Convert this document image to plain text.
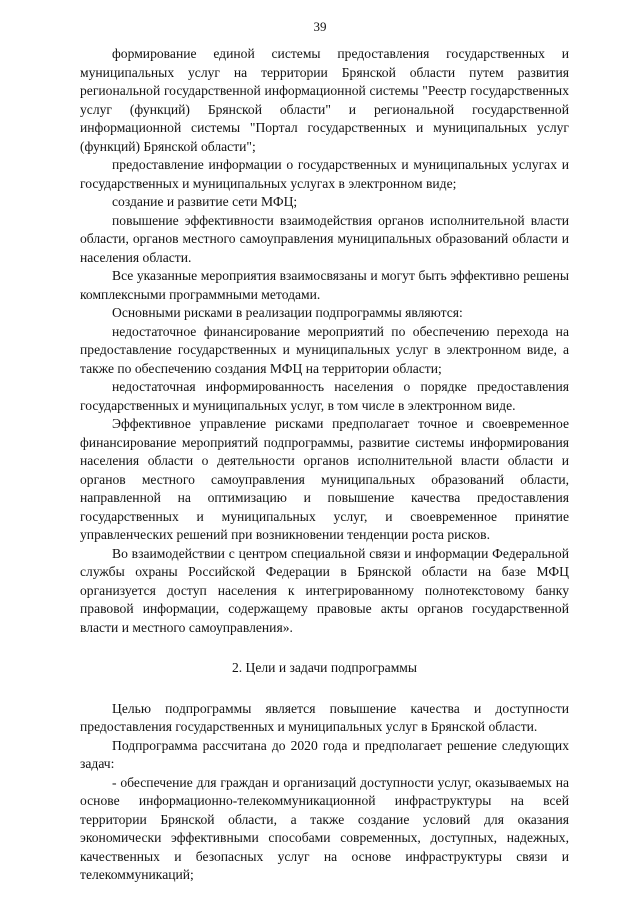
39

формирование единой системы предоставления государственных и муниципальных услуг на территории Брянской области путем развития региональной государственной информационной системы "Реестр государственных услуг (функций) Брянской области" и региональной государственной информационной системы "Портал государственных и муниципальных услуг (функций) Брянской области";

предоставление информации о государственных и муниципальных услугах и государственных и муниципальных услугах в электронном виде;

создание и развитие сети МФЦ;

повышение эффективности взаимодействия органов исполнительной власти области, органов местного самоуправления муниципальных образований области и населения области.

Все указанные мероприятия взаимосвязаны и могут быть эффективно решены комплексными программными методами.

Основными рисками в реализации подпрограммы являются:

недостаточное финансирование мероприятий по обеспечению перехода на предоставление государственных и муниципальных услуг в электронном виде, а также по обеспечению создания МФЦ на территории области;

недостаточная информированность населения о порядке предоставления государственных и муниципальных услуг, в том числе в электронном виде.

Эффективное управление рисками предполагает точное и своевременное финансирование мероприятий подпрограммы, развитие системы информирования населения области о деятельности органов исполнительной власти области и органов местного самоуправления муниципальных образований области, направленной на оптимизацию и повышение качества предоставления государственных и муниципальных услуг, и своевременное принятие управленческих решений при возникновении тенденции роста рисков.

Во взаимодействии с центром специальной связи и информации Федеральной службы охраны Российской Федерации в Брянской области на базе МФЦ организуется доступ населения к интегрированному полнотекстовому банку правовой информации, содержащему правовые акты органов государственной власти и местного самоуправления».

2. Цели и задачи подпрограммы

Целью подпрограммы является повышение качества и доступности предоставления государственных и муниципальных услуг в Брянской области.

Подпрограмма рассчитана до 2020 года и предполагает решение следующих задач:

- обеспечение для граждан и организаций доступности услуг, оказываемых на основе информационно-телекоммуникационной инфраструктуры на всей территории Брянской области, а также создание условий для оказания экономически эффективными способами современных, доступных, надежных, качественных и безопасных услуг на основе инфраструктуры связи и телекоммуникаций;
